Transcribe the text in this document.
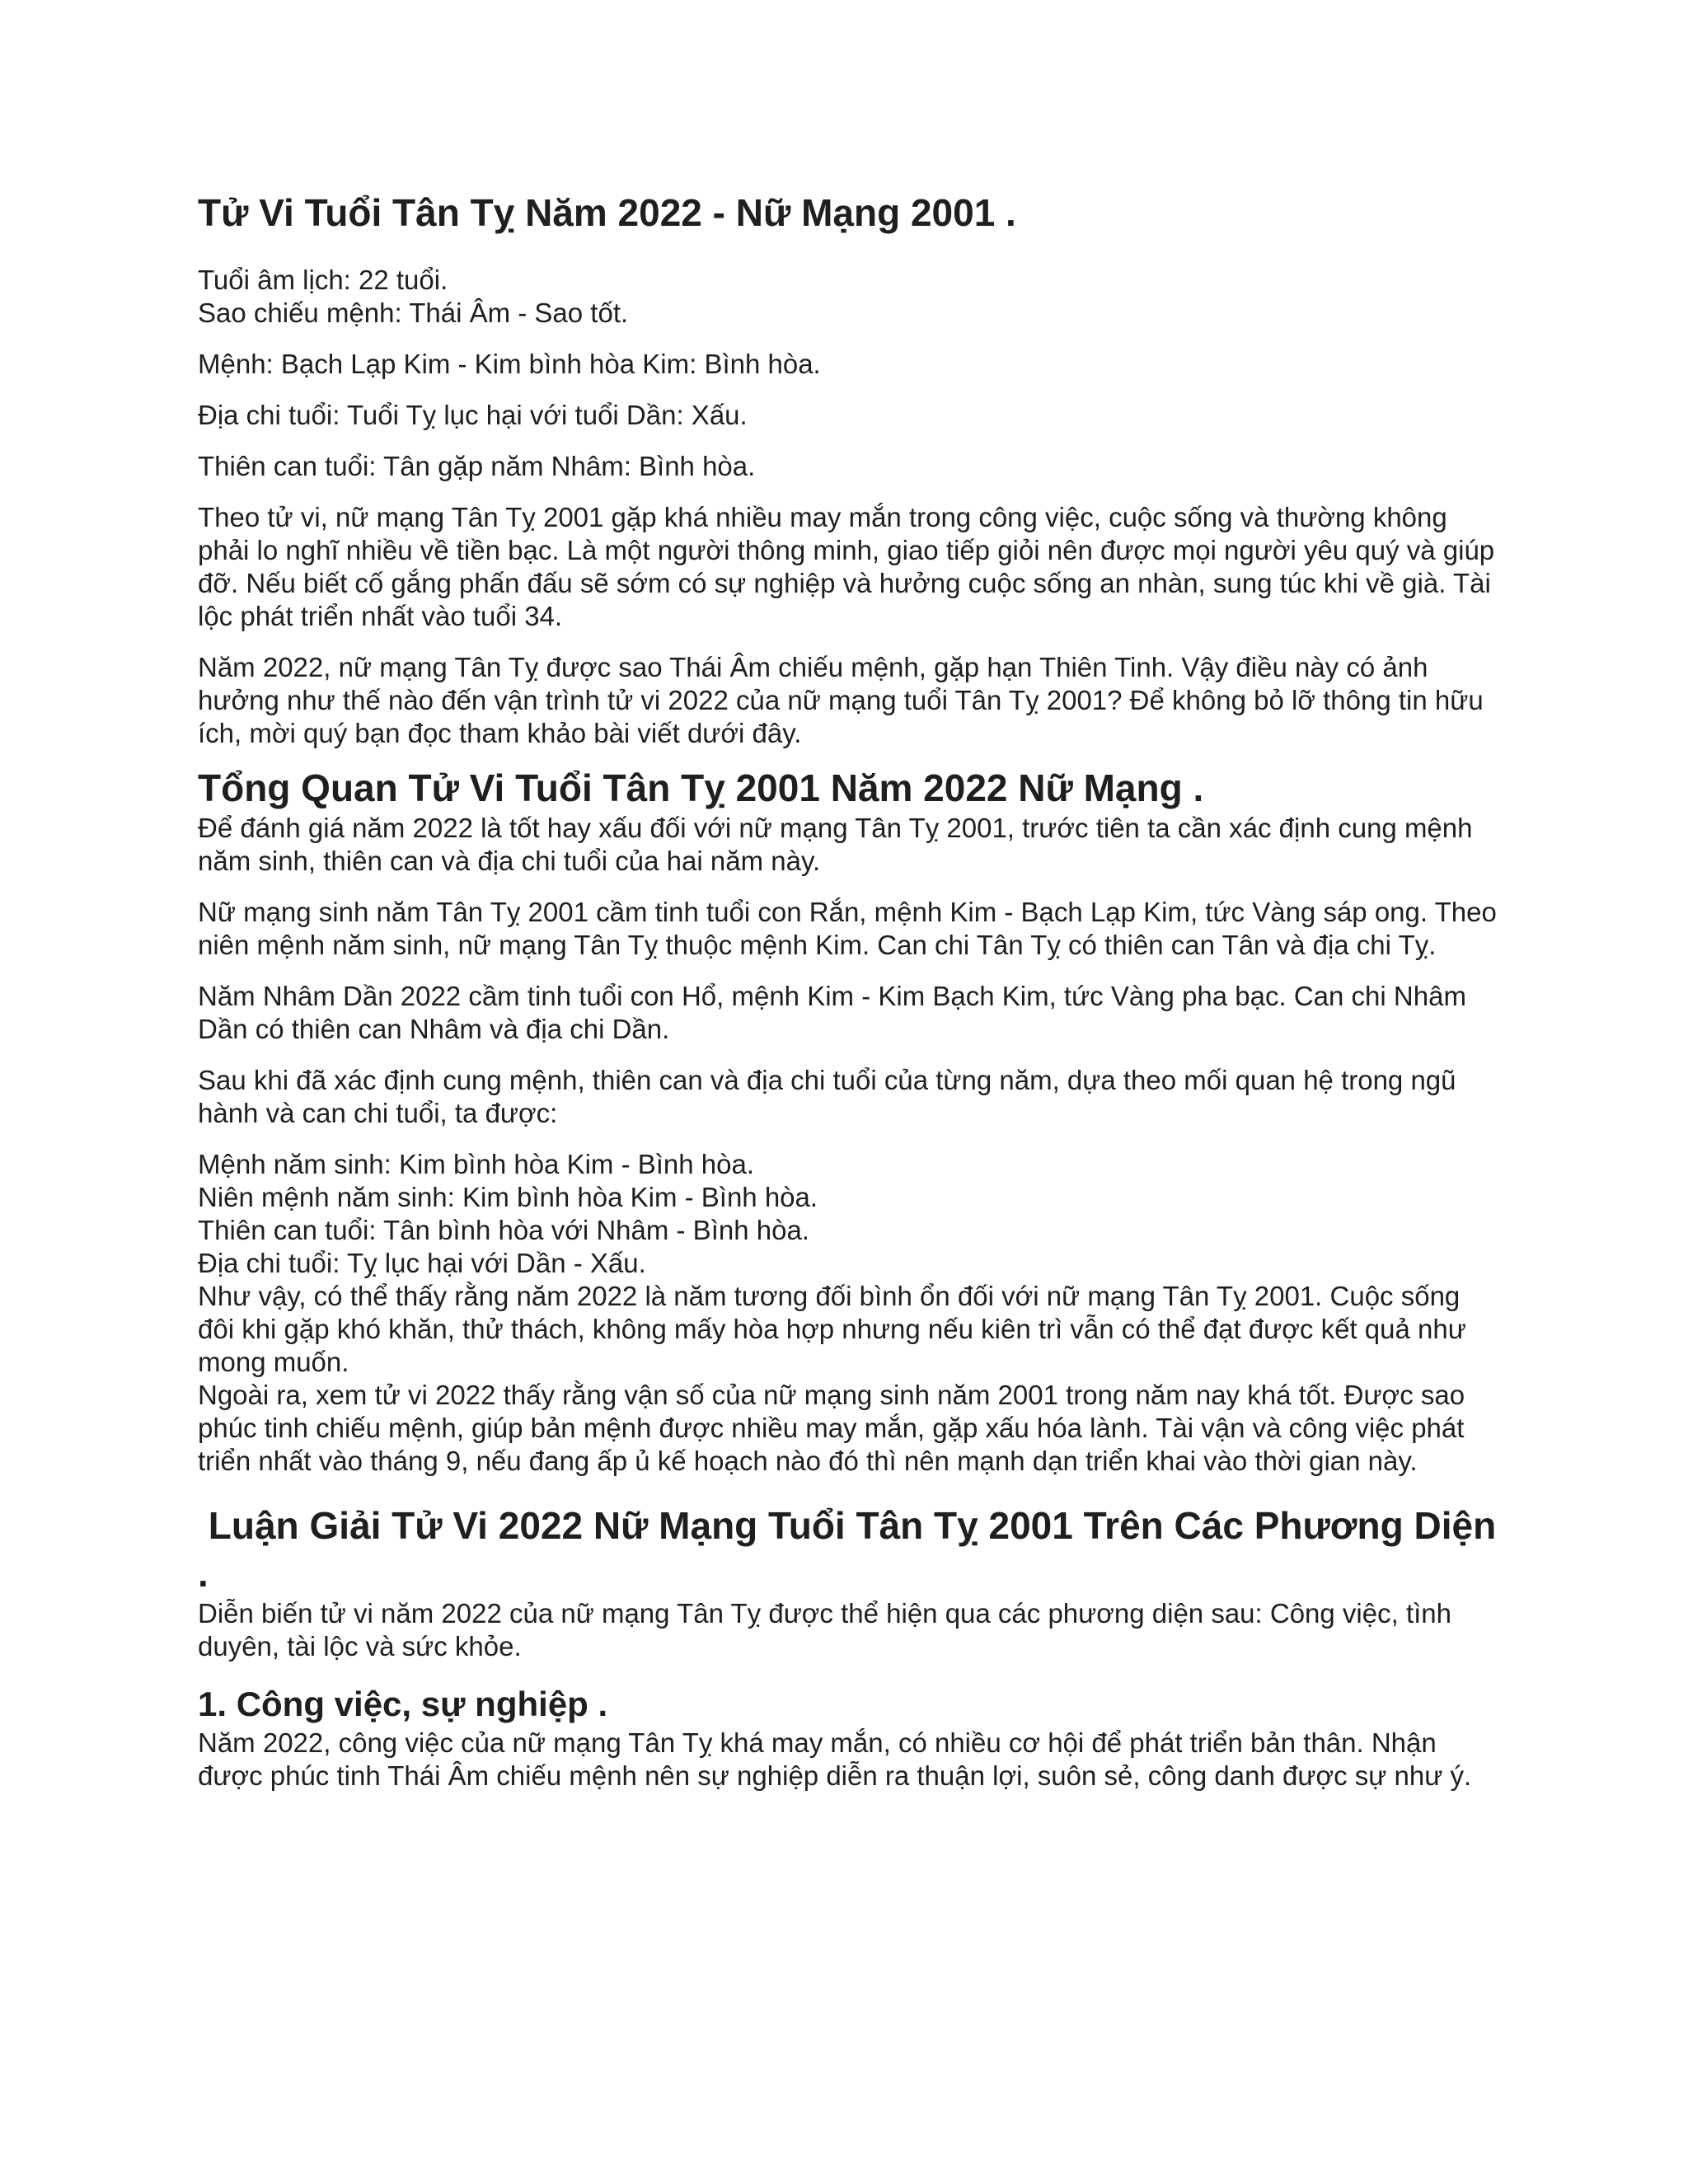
Tử Vi Tuổi Tân Tỵ Năm 2022 - Nữ Mạng 2001 .
Tuổi âm lịch: 22 tuổi.
Sao chiếu mệnh: Thái Âm - Sao tốt.

Mệnh: Bạch Lạp Kim - Kim bình hòa Kim: Bình hòa.

Địa chi tuổi: Tuổi Tỵ lục hại với tuổi Dần: Xấu.

Thiên can tuổi: Tân gặp năm Nhâm: Bình hòa.

Theo tử vi, nữ mạng Tân Tỵ 2001 gặp khá nhiều may mắn trong công việc, cuộc sống và thường không phải lo nghĩ nhiều về tiền bạc. Là một người thông minh, giao tiếp giỏi nên được mọi người yêu quý và giúp đỡ. Nếu biết cố gắng phấn đấu sẽ sớm có sự nghiệp và hưởng cuộc sống an nhàn, sung túc khi về già. Tài lộc phát triển nhất vào tuổi 34.

Năm 2022, nữ mạng Tân Tỵ được sao Thái Âm chiếu mệnh, gặp hạn Thiên Tinh. Vậy điều này có ảnh hưởng như thế nào đến vận trình tử vi 2022 của nữ mạng tuổi Tân Tỵ 2001? Để không bỏ lỡ thông tin hữu ích, mời quý bạn đọc tham khảo bài viết dưới đây.

Tổng Quan Tử Vi Tuổi Tân Tỵ 2001 Năm 2022 Nữ Mạng .

Để đánh giá năm 2022 là tốt hay xấu đối với nữ mạng Tân Tỵ 2001, trước tiên ta cần xác định cung mệnh năm sinh, thiên can và địa chi tuổi của hai năm này.

Nữ mạng sinh năm Tân Tỵ 2001 cầm tinh tuổi con Rắn, mệnh Kim - Bạch Lạp Kim, tức Vàng sáp ong. Theo niên mệnh năm sinh, nữ mạng Tân Tỵ thuộc mệnh Kim. Can chi Tân Tỵ có thiên can Tân và địa chi Tỵ.

Năm Nhâm Dần 2022 cầm tinh tuổi con Hổ, mệnh Kim - Kim Bạch Kim, tức Vàng pha bạc. Can chi Nhâm Dần có thiên can Nhâm và địa chi Dần.

Sau khi đã xác định cung mệnh, thiên can và địa chi tuổi của từng năm, dựa theo mối quan hệ trong ngũ hành và can chi tuổi, ta được:

Mệnh năm sinh: Kim bình hòa Kim - Bình hòa.
Niên mệnh năm sinh: Kim bình hòa Kim - Bình hòa.
Thiên can tuổi: Tân bình hòa với Nhâm - Bình hòa.
Địa chi tuổi: Tỵ lục hại với Dần - Xấu.

Như vậy, có thể thấy rằng năm 2022 là năm tương đối bình ổn đối với nữ mạng Tân Tỵ 2001. Cuộc sống đôi khi gặp khó khăn, thử thách, không mấy hòa hợp nhưng nếu kiên trì vẫn có thể đạt được kết quả như mong muốn.

Ngoài ra, xem tử vi 2022 thấy rằng vận số của nữ mạng sinh năm 2001 trong năm nay khá tốt. Được sao phúc tinh chiếu mệnh, giúp bản mệnh được nhiều may mắn, gặp xấu hóa lành. Tài vận và công việc phát triển nhất vào tháng 9, nếu đang ấp ủ kế hoạch nào đó thì nên mạnh dạn triển khai vào thời gian này.

Luận Giải Tử Vi 2022 Nữ Mạng Tuổi Tân Tỵ 2001 Trên Các Phương Diện .

Diễn biến tử vi năm 2022 của nữ mạng Tân Tỵ được thể hiện qua các phương diện sau: Công việc, tình duyên, tài lộc và sức khỏe.

1. Công việc, sự nghiệp .

Năm 2022, công việc của nữ mạng Tân Tỵ khá may mắn, có nhiều cơ hội để phát triển bản thân. Nhận được phúc tinh Thái Âm chiếu mệnh nên sự nghiệp diễn ra thuận lợi, suôn sẻ, công danh được sự như ý.
